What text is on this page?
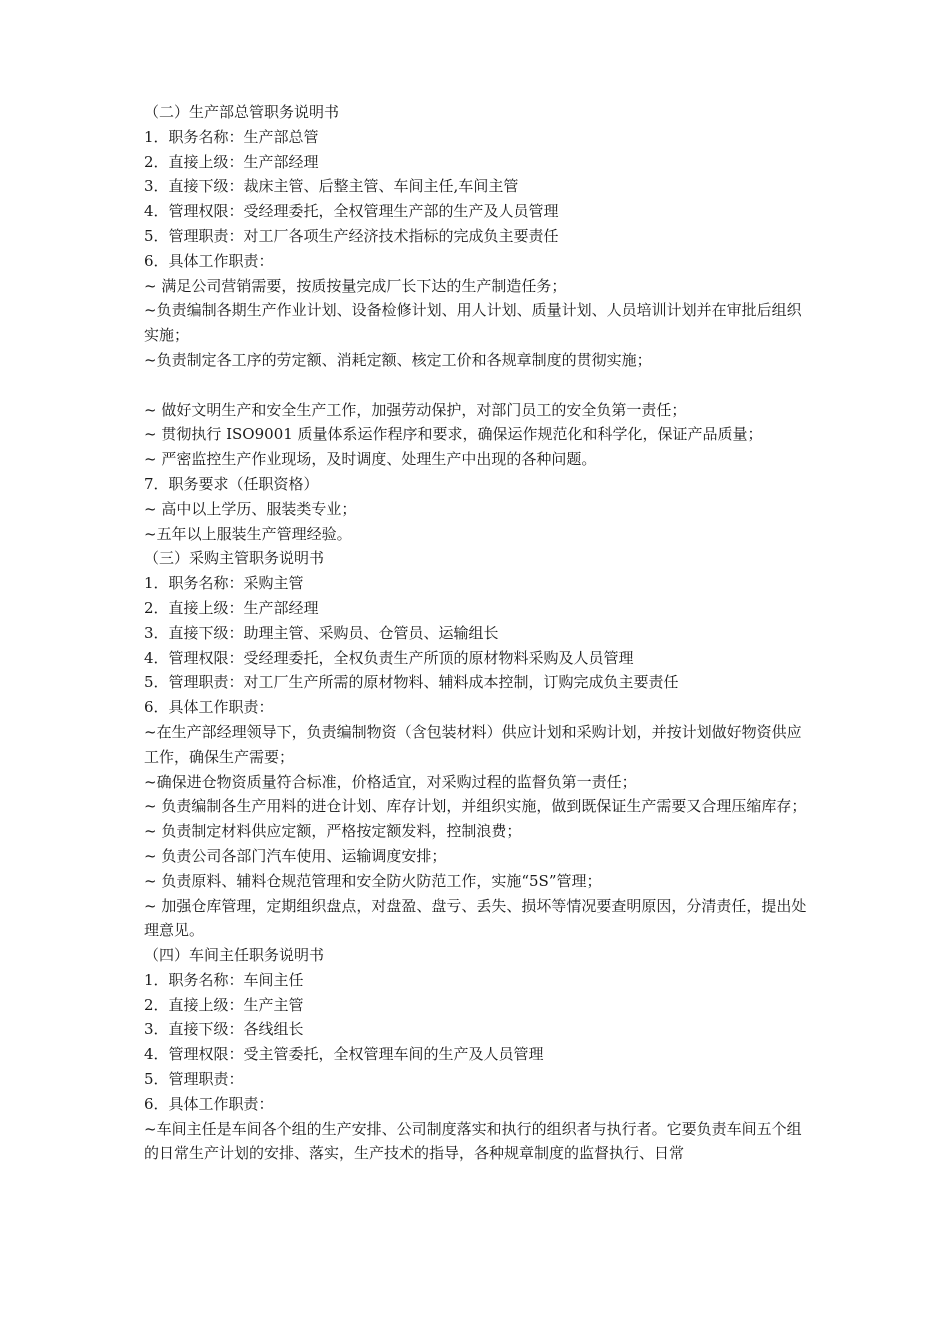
（二）生产部总管职务说明书

1．职务名称：生产部总管

2．直接上级：生产部经理

3．直接下级：裁床主管、后整主管、车间主任,车间主管

4．管理权限：受经理委托，全权管理生产部的生产及人员管理

5．管理职责：对工厂各项生产经济技术指标的完成负主要责任

6．具体工作职责：

~ 满足公司营销需要，按质按量完成厂长下达的生产制造任务；

~负责编制各期生产作业计划、设备检修计划、用人计划、质量计划、人员培训计划并在审批后组织实施；

~负责制定各工序的劳定额、消耗定额、核定工价和各规章制度的贯彻实施；

~ 做好文明生产和安全生产工作，加强劳动保护，对部门员工的安全负第一责任；

~ 贯彻执行 ISO9001 质量体系运作程序和要求，确保运作规范化和科学化，保证产品质量；

~ 严密监控生产作业现场，及时调度、处理生产中出现的各种问题。

7．职务要求（任职资格）

~ 高中以上学历、服装类专业；

~五年以上服装生产管理经验。

（三）采购主管职务说明书

1．职务名称：采购主管

2．直接上级：生产部经理

3．直接下级：助理主管、采购员、仓管员、运输组长

4．管理权限：受经理委托，全权负责生产所顶的原材物料采购及人员管理

5．管理职责：对工厂生产所需的原材物料、辅料成本控制，订购完成负主要责任

6．具体工作职责：

~在生产部经理领导下，负责编制物资（含包装材料）供应计划和采购计划，并按计划做好物资供应工作，确保生产需要；

~确保进仓物资质量符合标准，价格适宜，对采购过程的监督负第一责任；

~ 负责编制各生产用料的进仓计划、库存计划，并组织实施，做到既保证生产需要又合理压缩库存；

~ 负责制定材料供应定额，严格按定额发料，控制浪费；

~ 负责公司各部门汽车使用、运输调度安排；

~ 负责原料、辅料仓规范管理和安全防火防范工作，实施“5S”管理；

~ 加强仓库管理，定期组织盘点，对盘盈、盘亏、丢失、损坏等情况要查明原因，分清责任，提出处理意见。

（四）车间主任职务说明书

1．职务名称：车间主任

2．直接上级：生产主管

3．直接下级：各线组长

4．管理权限：受主管委托，全权管理车间的生产及人员管理

5．管理职责：

6．具体工作职责：

~车间主任是车间各个组的生产安排、公司制度落实和执行的组织者与执行者。它要负责车间五个组的日常生产计划的安排、落实，生产技术的指导，各种规章制度的监督执行、日常
